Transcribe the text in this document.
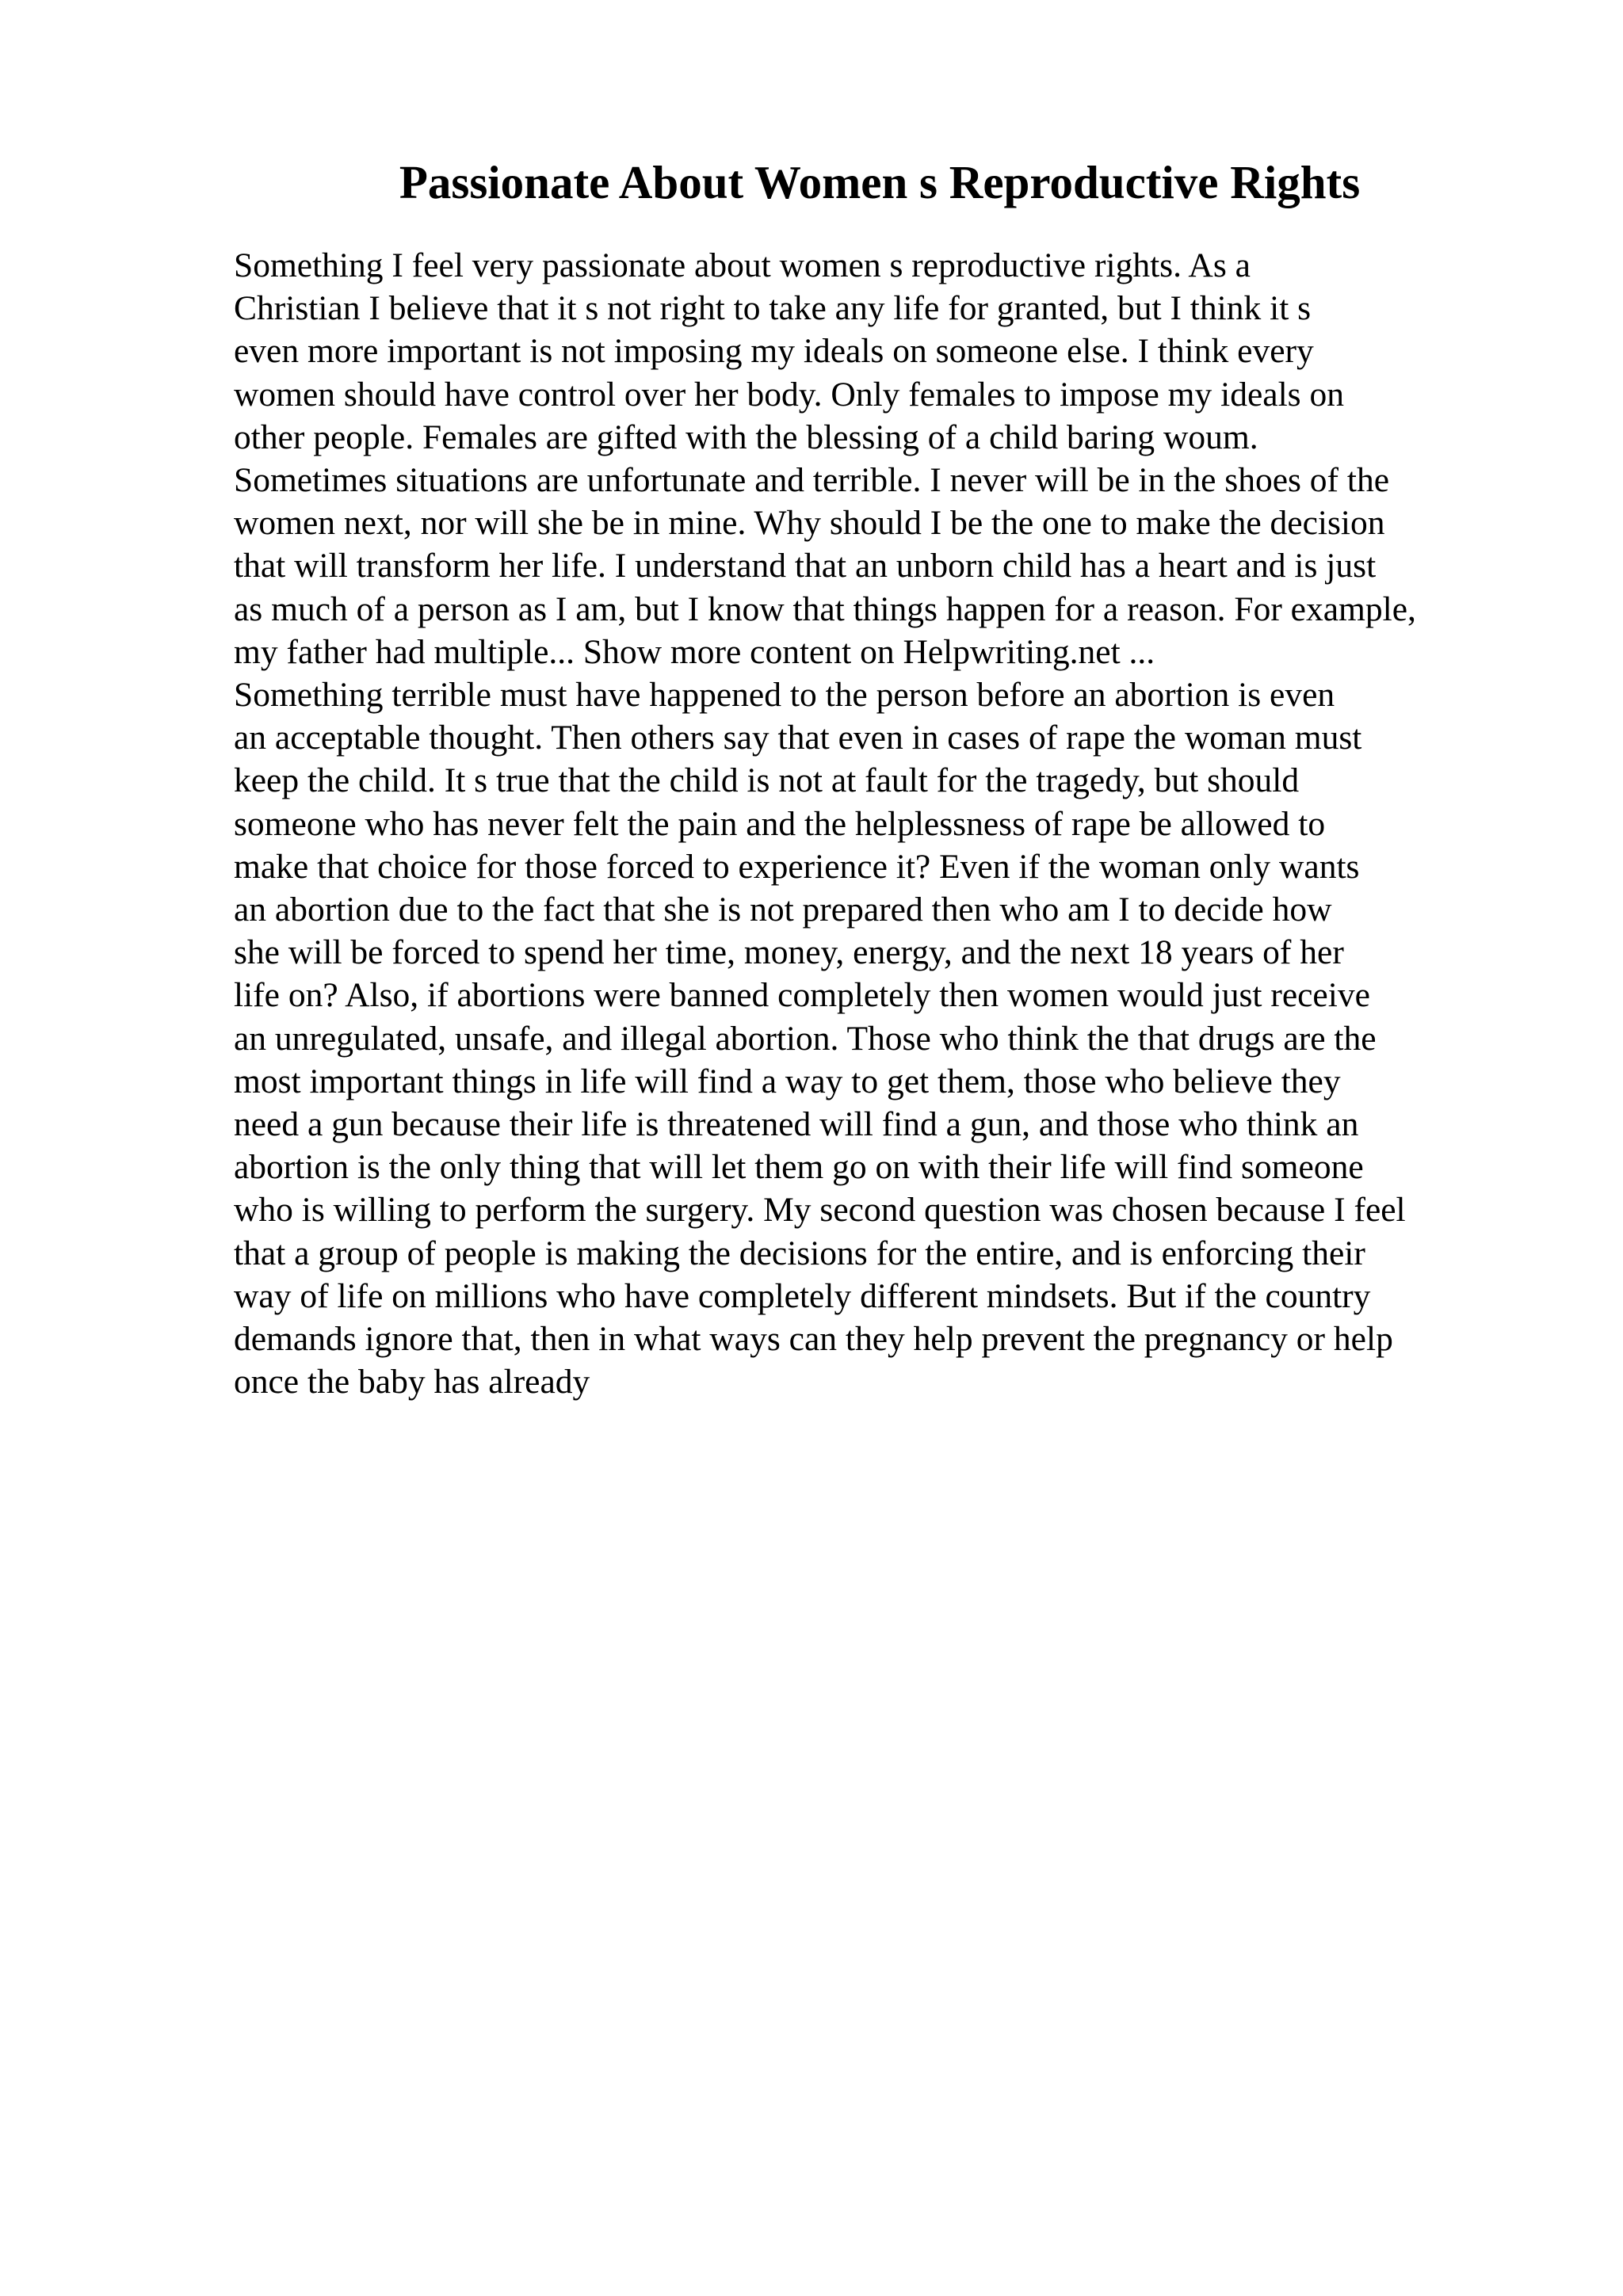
Passionate About Women s Reproductive Rights
Something I feel very passionate about women s reproductive rights. As a
Christian I believe that it s not right to take any life for granted, but I think it s
even more important is not imposing my ideals on someone else. I think every
women should have control over her body. Only females to impose my ideals on
other people. Females are gifted with the blessing of a child baring woum.
Sometimes situations are unfortunate and terrible. I never will be in the shoes of the
women next, nor will she be in mine. Why should I be the one to make the decision
that will transform her life. I understand that an unborn child has a heart and is just
as much of a person as I am, but I know that things happen for a reason. For example,
my father had multiple... Show more content on Helpwriting.net ...
Something terrible must have happened to the person before an abortion is even
an acceptable thought. Then others say that even in cases of rape the woman must
keep the child. It s true that the child is not at fault for the tragedy, but should
someone who has never felt the pain and the helplessness of rape be allowed to
make that choice for those forced to experience it? Even if the woman only wants
an abortion due to the fact that she is not prepared then who am I to decide how
she will be forced to spend her time, money, energy, and the next 18 years of her
life on? Also, if abortions were banned completely then women would just receive
an unregulated, unsafe, and illegal abortion. Those who think the that drugs are the
most important things in life will find a way to get them, those who believe they
need a gun because their life is threatened will find a gun, and those who think an
abortion is the only thing that will let them go on with their life will find someone
who is willing to perform the surgery. My second question was chosen because I feel
that a group of people is making the decisions for the entire, and is enforcing their
way of life on millions who have completely different mindsets. But if the country
demands ignore that, then in what ways can they help prevent the pregnancy or help
once the baby has already
